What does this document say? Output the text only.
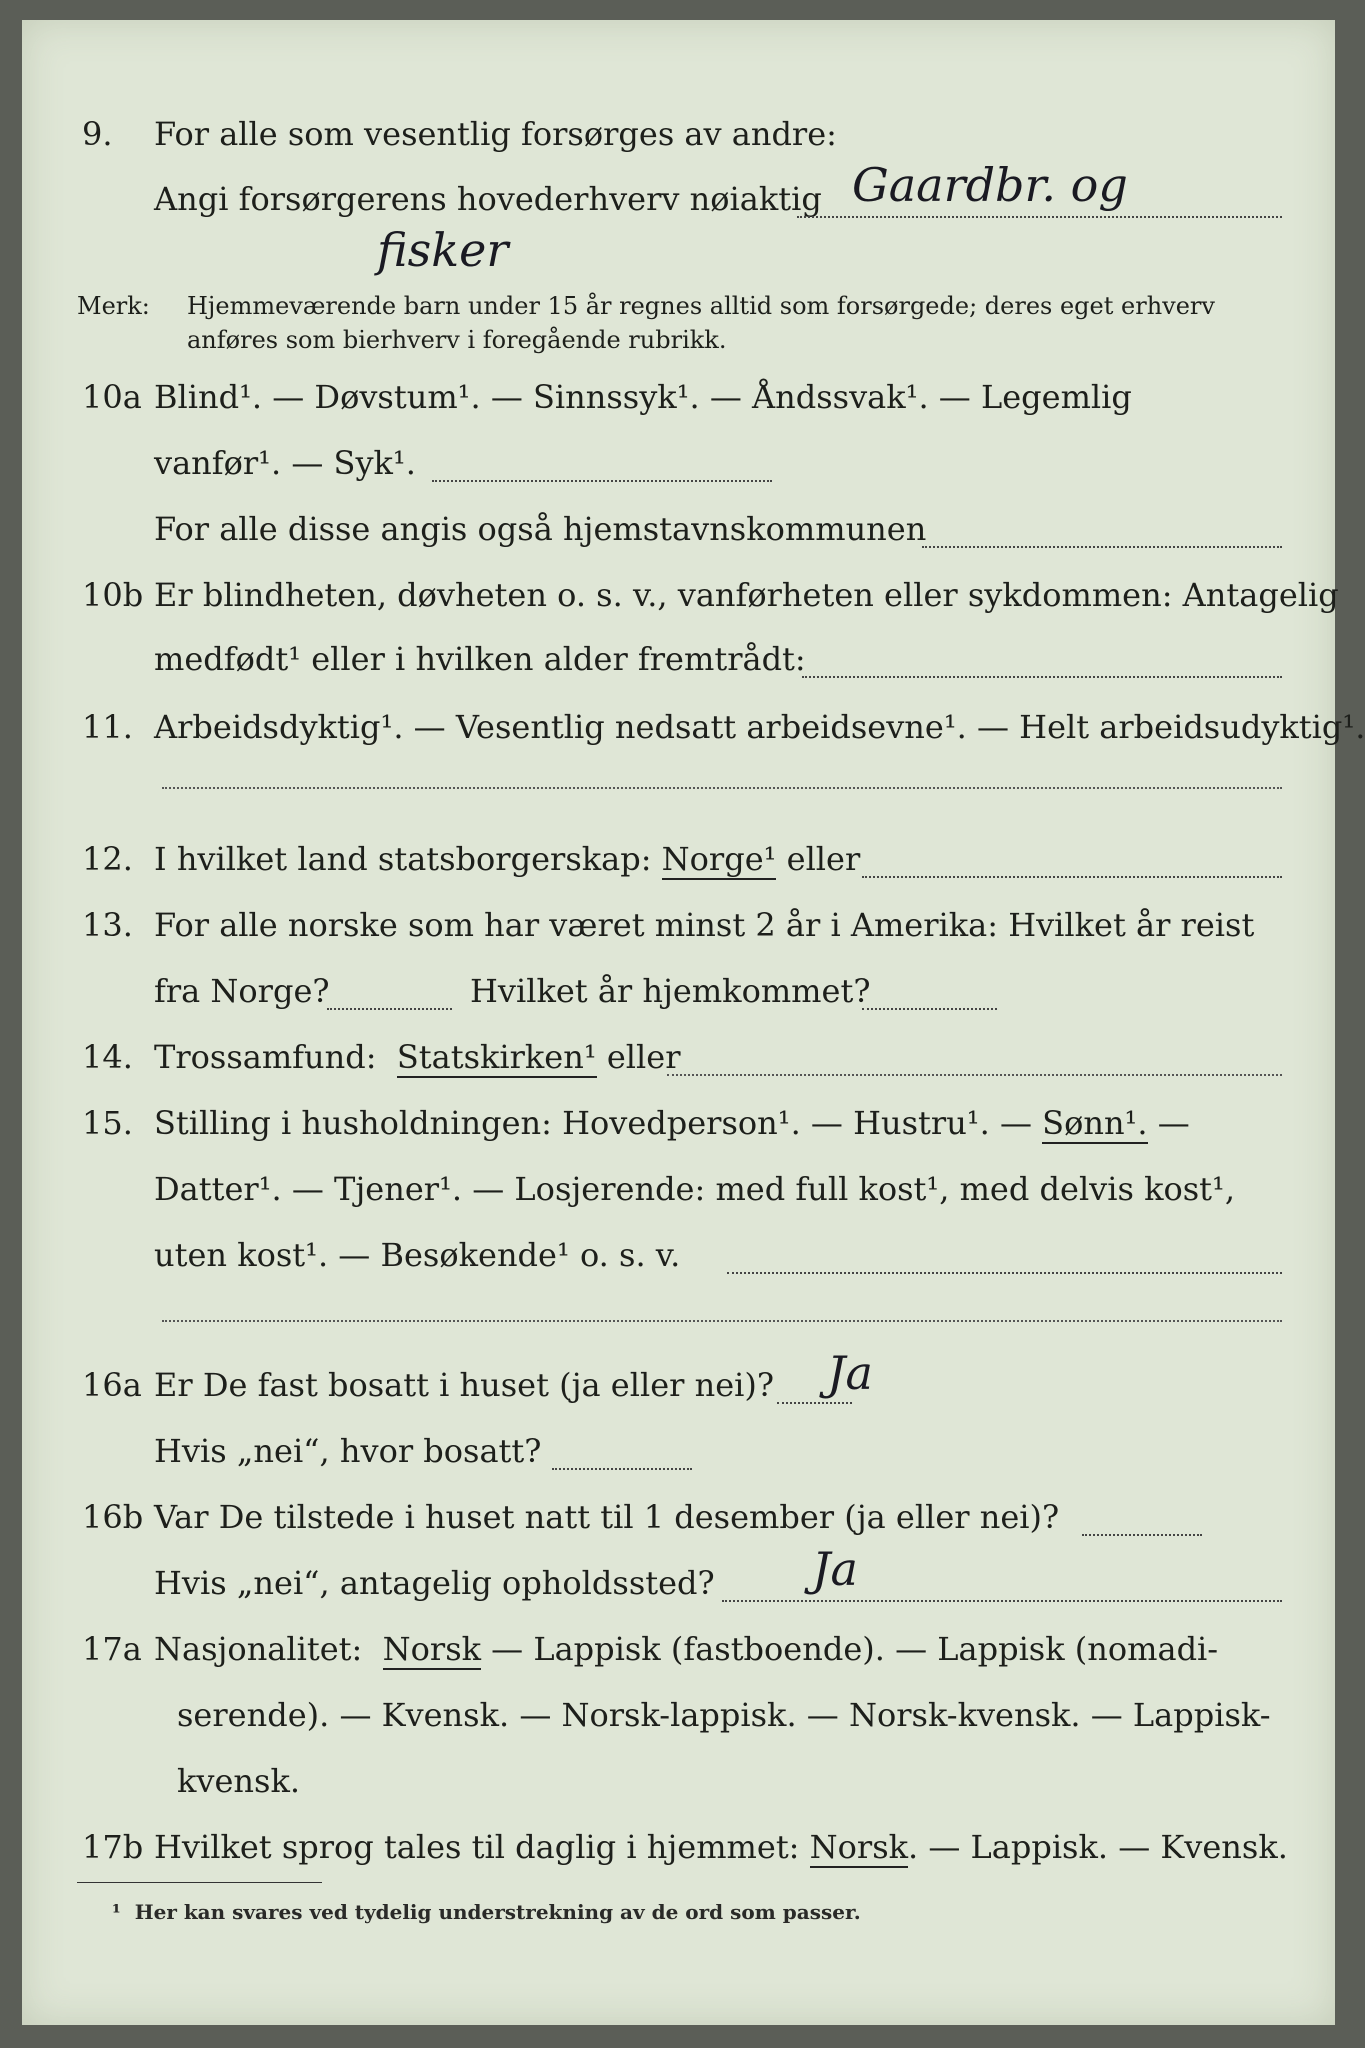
9. For alle som vesentlig forsørges av andre:
Angi forsørgerens hovederhverv nøiaktig Gaardbr. og
fisker
Merk: Hjemmeværende barn under 15 år regnes alltid som forsørgede; deres eget erhverv
anføres som bierhverv i foregående rubrikk.
10a Blind¹. — Døvstum¹. — Sinnssyk¹. — Åndssvak¹. — Legemlig
vanfør¹. — Syk¹.
For alle disse angis også hjemstavnskommunen
10b Er blindheten, døvheten o. s. v., vanførheten eller sykdommen: Antagelig
medfødt¹ eller i hvilken alder fremtrådt:
11. Arbeidsdyktig¹. — Vesentlig nedsatt arbeidsevne¹. — Helt arbeidsudyktig¹.
12. I hvilket land statsborgerskap: Norge¹ eller
13. For alle norske som har været minst 2 år i Amerika: Hvilket år reist
fra Norge?	Hvilket år hjemkommet?
14. Trossamfund: Statskirken¹ eller
15. Stilling i husholdningen: Hovedperson¹. — Hustru¹. — Sønn¹. —
Datter¹. — Tjener¹. — Losjerende: med full kost¹, med delvis kost¹,
uten kost¹. — Besøkende¹ o. s. v.
16a Er De fast bosatt i huset (ja eller nei)? Ja
Hvis „nei“, hvor bosatt?
16b Var De tilstede i huset natt til 1 desember (ja eller nei)?
Hvis „nei“, antagelig opholdssted? Ja
17a Nasjonalitet: Norsk — Lappisk (fastboende). — Lappisk (nomadi-
serende). — Kvensk. — Norsk-lappisk. — Norsk-kvensk. — Lappisk-
kvensk.
17b Hvilket sprog tales til daglig i hjemmet: Norsk. — Lappisk. — Kvensk.
¹ Her kan svares ved tydelig understrekning av de ord som passer.
